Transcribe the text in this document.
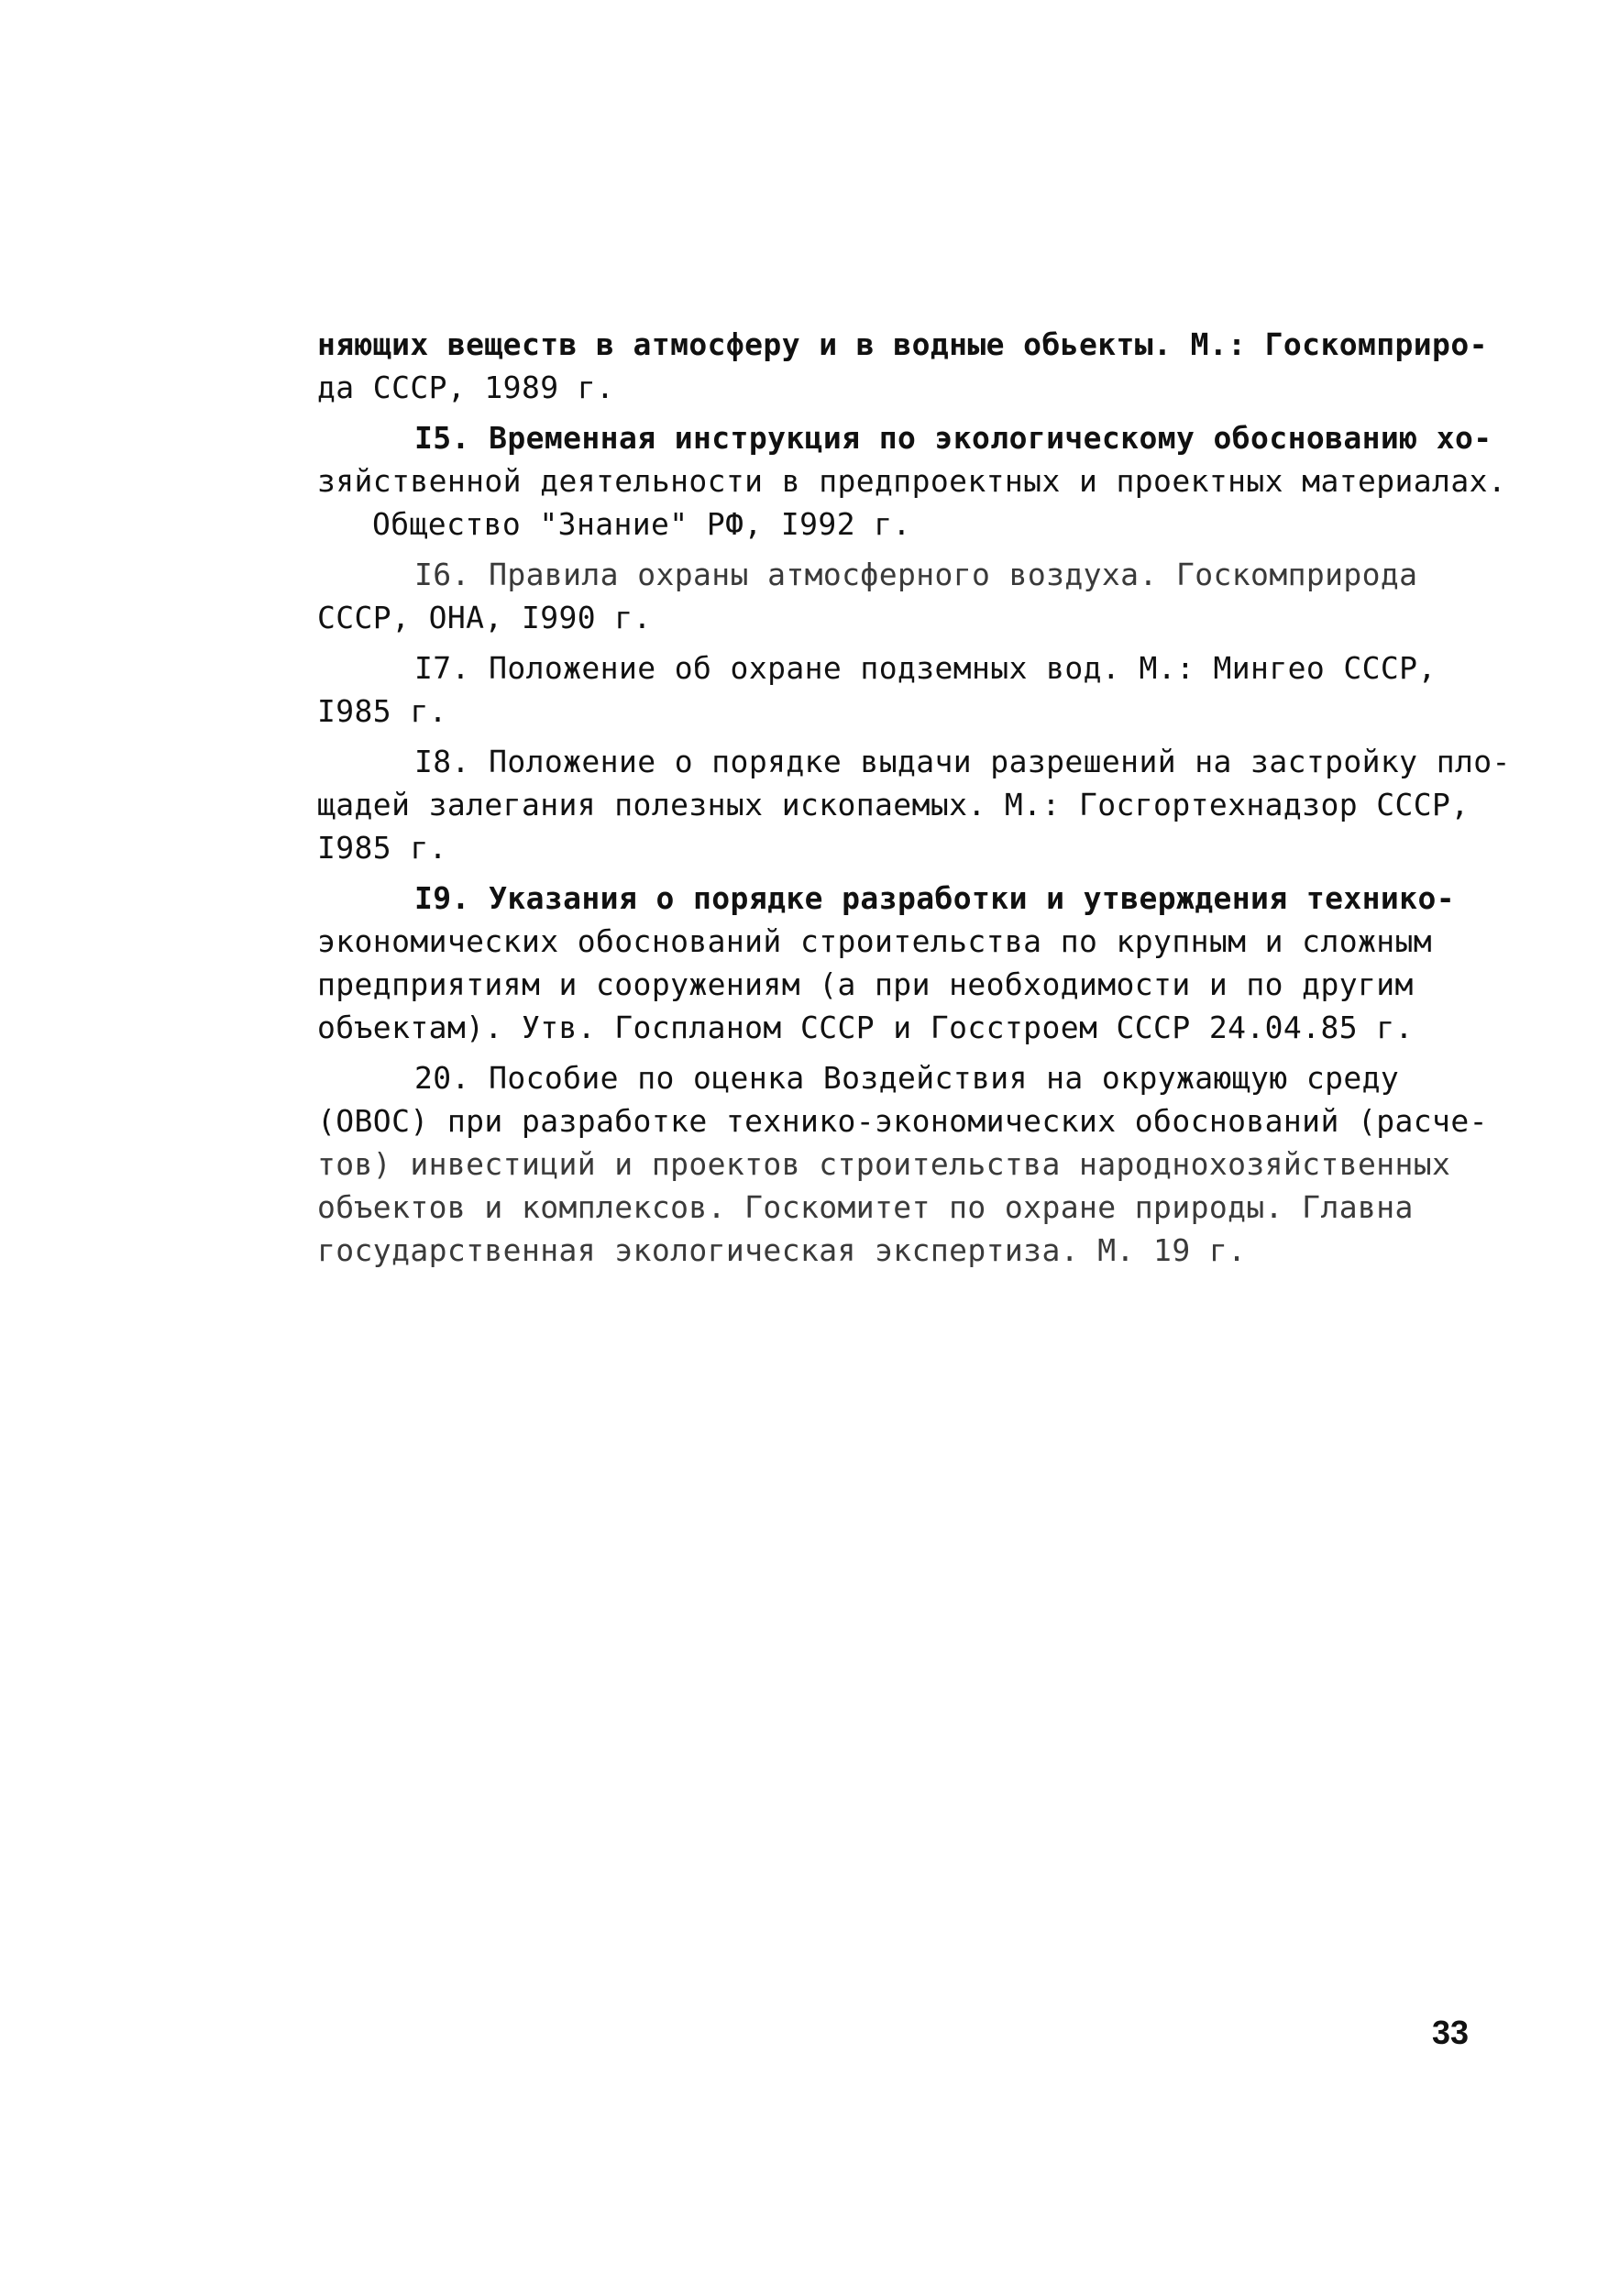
няющих веществ в атмосферу и в водные обьекты. М.: Госкомприро-
да СССР, 1989 г.
I5. Временная инструкция по экологическому обоснованию хо-
зяйственной деятельности в предпроектных и проектных материалах.
Общество "Знание" РФ, I992 г.
I6. Правила охраны атмосферного воздуха. Госкомприрода
СССР, ОНА, I990 г.
I7. Положение об охране подземных вод. М.: Мингео СССР,
I985 г.
I8. Положение о порядке выдачи разрешений на застройку пло-
щадей залегания полезных ископаемых. М.: Госгортехнадзор СССР,
I985 г.
I9. Указания о порядке разработки и утверждения технико-
экономических обоснований строительства по крупным и сложным
предприятиям и сооружениям (а при необходимости и по другим
объектам). Утв. Госпланом СССР и Госстроем СССР 24.04.85 г.
20. Пособие по оценка Воздействия на окружающую среду
(ОВОС) при разработке технико-экономических обоснований (расче-
тов) инвестиций и проектов строительства народнохозяйственных
объектов и комплексов. Госкомитет по охране природы. Главна
государственная экологическая экспертиза. М. 19 г.
33
